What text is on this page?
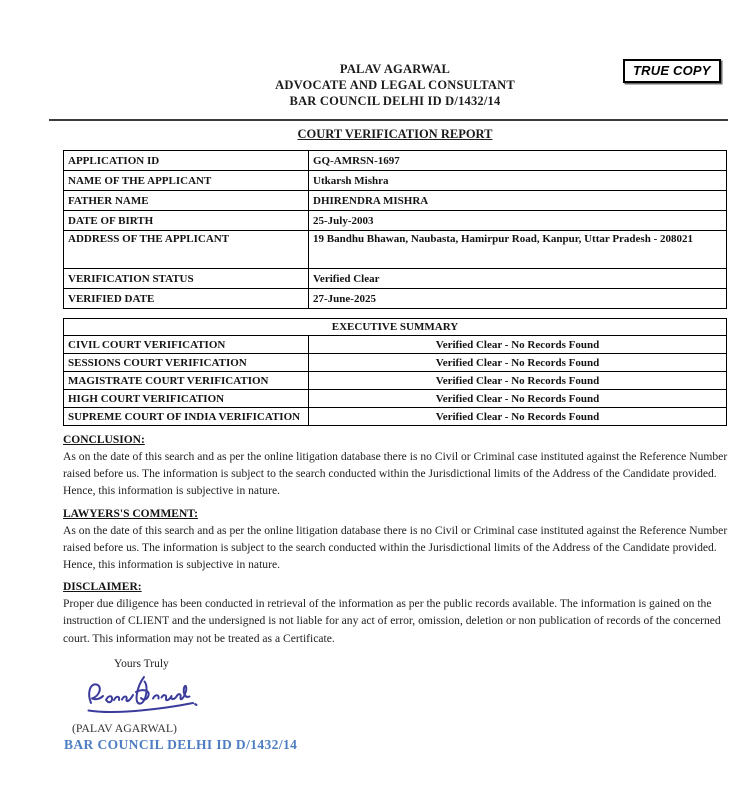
TRUE COPY
PALAV AGARWAL
ADVOCATE AND LEGAL CONSULTANT
BAR COUNCIL DELHI ID D/1432/14
COURT VERIFICATION REPORT
APPLICATION ID	GQ-AMRSN-1697
NAME OF THE APPLICANT	Utkarsh Mishra
FATHER NAME	DHIRENDRA MISHRA
DATE OF BIRTH	25-July-2003
ADDRESS OF THE APPLICANT	19 Bandhu Bhawan, Naubasta, Hamirpur Road, Kanpur, Uttar Pradesh - 208021
VERIFICATION STATUS	Verified Clear
VERIFIED DATE	27-June-2025
EXECUTIVE SUMMARY	
CIVIL COURT VERIFICATION	Verified Clear - No Records Found
SESSIONS COURT VERIFICATION	Verified Clear - No Records Found
MAGISTRATE COURT VERIFICATION	Verified Clear - No Records Found
HIGH COURT VERIFICATION	Verified Clear - No Records Found
SUPREME COURT OF INDIA VERIFICATION	Verified Clear - No Records Found
CONCLUSION:

As on the date of this search and as per the online litigation database there is no Civil or Criminal case instituted against the Reference Number raised before us. The information is subject to the search conducted within the Jurisdictional limits of the Address of the Candidate provided. Hence, this information is subjective in nature.

LAWYERS'S COMMENT:

As on the date of this search and as per the online litigation database there is no Civil or Criminal case instituted against the Reference Number raised before us. The information is subject to the search conducted within the Jurisdictional limits of the Address of the Candidate provided. Hence, this information is subjective in nature.

DISCLAIMER:

Proper due diligence has been conducted in retrieval of the information as per the public records available. The information is gained on the instruction of CLIENT and the undersigned is not liable for any act of error, omission, deletion or non publication of records of the concerned court. This information may not be treated as a Certificate.

Yours Truly
(PALAV AGARWAL)
BAR COUNCIL DELHI ID D/1432/14
